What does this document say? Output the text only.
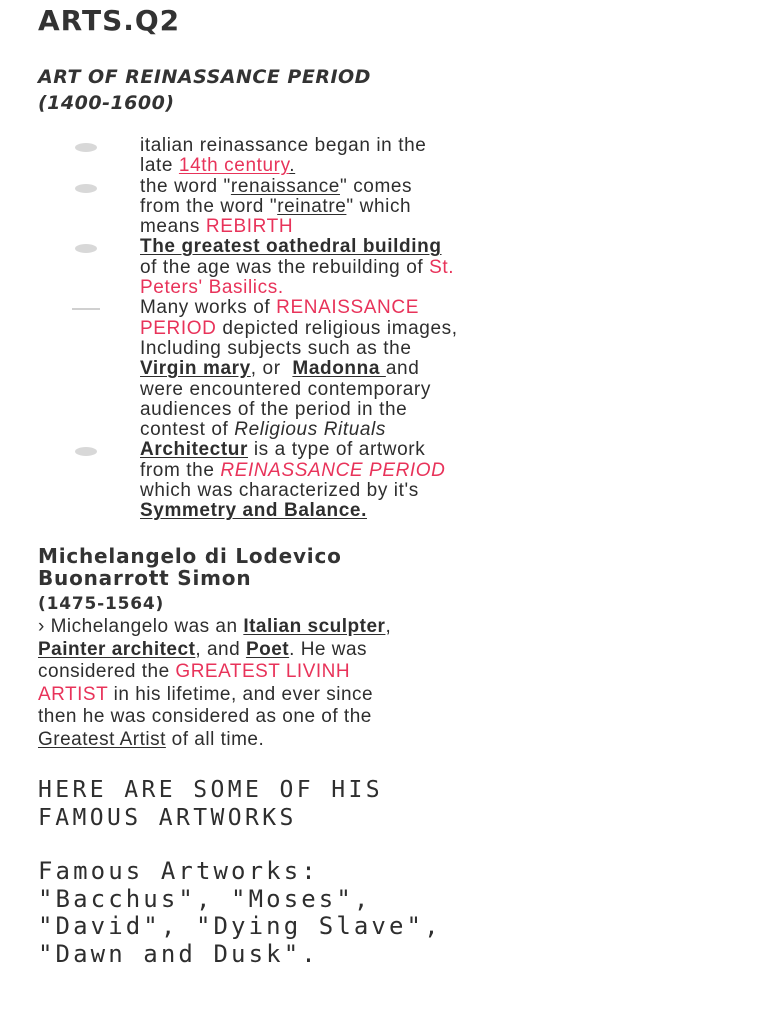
ARTS.Q2
ART OF REINASSANCE PERIOD
(1400-1600)
italian reinassance began in the
late 14th century.
the word "renaissance" comes
from the word "reinatre" which
means REBIRTH
The greatest oathedral building
of the age was the rebuilding of St.
Peters' Basilics.
Many works of RENAISSANCE
PERIOD depicted religious images,
Including subjects such as the
Virgin mary, or  Madonna and
were encountered contemporary
audiences of the period in the
contest of Religious Rituals
Architectur is a type of artwork
from the REINASSANCE PERIOD
which was characterized by it's
Symmetry and Balance.
Michelangelo di Lodevico
Buonarrott Simon
(1475-1564)
› Michelangelo was an Italian sculpter,
Painter architect, and Poet. He was
considered the GREATEST LIVINH
ARTIST in his lifetime, and ever since
then he was considered as one of the
Greatest Artist of all time.
HERE ARE SOME OF HIS
FAMOUS ARTWORKS
Famous Artworks:
"Bacchus", "Moses",
"David", "Dying Slave",
"Dawn and Dusk".
